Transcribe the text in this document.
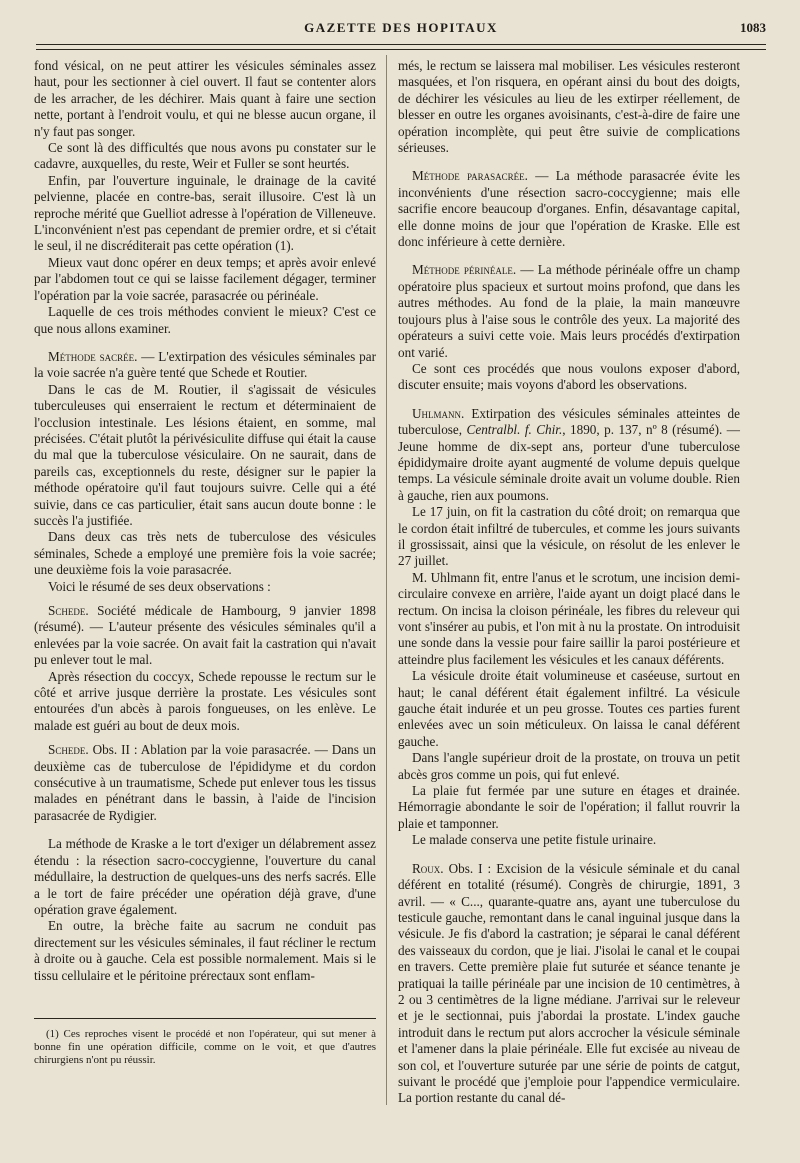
GAZETTE DES HOPITAUX	1083

fond vésical, on ne peut attirer les vésicules séminales assez haut, pour les sectionner à ciel ouvert. Il faut se contenter alors de les arracher, de les déchirer. Mais quant à faire une section nette, portant à l'endroit voulu, et qui ne blesse aucun organe, il n'y faut pas songer.

Ce sont là des difficultés que nous avons pu constater sur le cadavre, auxquelles, du reste, Weir et Fuller se sont heurtés.

Enfin, par l'ouverture inguinale, le drainage de la cavité pelvienne, placée en contre-bas, serait illusoire. C'est là un reproche mérité que Guelliot adresse à l'opération de Villeneuve. L'inconvénient n'est pas cependant de premier ordre, et si c'était le seul, il ne discréditerait pas cette opération (1).

Mieux vaut donc opérer en deux temps; et après avoir enlevé par l'abdomen tout ce qui se laisse facilement dégager, terminer l'opération par la voie sacrée, parasacrée ou périnéale.

Laquelle de ces trois méthodes convient le mieux? C'est ce que nous allons examiner.

Méthode sacrée. — L'extirpation des vésicules séminales par la voie sacrée n'a guère tenté que Schede et Routier.

Dans le cas de M. Routier, il s'agissait de vésicules tuberculeuses qui enserraient le rectum et déterminaient de l'occlusion intestinale. Les lésions étaient, en somme, mal précisées. C'était plutôt la périvésiculite diffuse qui était la cause du mal que la tuberculose vésiculaire. On ne saurait, dans de pareils cas, exceptionnels du reste, désigner sur le papier la méthode opératoire qu'il faut toujours suivre. Celle qui a été suivie, dans ce cas particulier, était sans aucun doute bonne : le succès l'a justifiée.

Dans deux cas très nets de tuberculose des vésicules séminales, Schede a employé une première fois la voie sacrée; une deuxième fois la voie parasacrée.

Voici le résumé de ses deux observations :

Schede. Société médicale de Hambourg, 9 janvier 1898 (résumé). — L'auteur présente des vésicules séminales qu'il a enlevées par la voie sacrée. On avait fait la castration qui n'avait pu enlever tout le mal.

Après résection du coccyx, Schede repousse le rectum sur le côté et arrive jusque derrière la prostate. Les vésicules sont entourées d'un abcès à parois fongueuses, on les enlève. Le malade est guéri au bout de deux mois.

Schede. Obs. II : Ablation par la voie parasacrée. — Dans un deuxième cas de tuberculose de l'épididyme et du cordon consécutive à un traumatisme, Schede put enlever tous les tissus malades en pénétrant dans le bassin, à l'aide de l'incision parasacrée de Rydigier.

La méthode de Kraske a le tort d'exiger un délabrement assez étendu : la résection sacro-coccygienne, l'ouverture du canal médullaire, la destruction de quelques-uns des nerfs sacrés. Elle a le tort de faire précéder une opération déjà grave, d'une opération grave également.

En outre, la brèche faite au sacrum ne conduit pas directement sur les vésicules séminales, il faut récliner le rectum à droite ou à gauche. Cela est possible normalement. Mais si le tissu cellulaire et le péritoine prérectaux sont enflam-

(1) Ces reproches visent le procédé et non l'opérateur, qui sut mener à bonne fin une opération difficile, comme on le voit, et que d'autres chirurgiens n'ont pu réussir.

més, le rectum se laissera mal mobiliser. Les vésicules resteront masquées, et l'on risquera, en opérant ainsi du bout des doigts, de déchirer les vésicules au lieu de les extirper réellement, de blesser en outre les organes avoisinants, c'est-à-dire de faire une opération incomplète, qui peut être suivie de complications sérieuses.

Méthode parasacrée. — La méthode parasacrée évite les inconvénients d'une résection sacro-coccygienne; mais elle sacrifie encore beaucoup d'organes. Enfin, désavantage capital, elle donne moins de jour que l'opération de Kraske. Elle est donc inférieure à cette dernière.

Méthode périnéale. — La méthode périnéale offre un champ opératoire plus spacieux et surtout moins profond, que dans les autres méthodes. Au fond de la plaie, la main manœuvre toujours plus à l'aise sous le contrôle des yeux. La majorité des opérateurs a suivi cette voie. Mais leurs procédés d'extirpation ont varié.

Ce sont ces procédés que nous voulons exposer d'abord, discuter ensuite; mais voyons d'abord les observations.

Uhlmann. Extirpation des vésicules séminales atteintes de tuberculose, Centralbl. f. Chir., 1890, p. 137, nº 8 (résumé). — Jeune homme de dix-sept ans, porteur d'une tuberculose épididymaire droite ayant augmenté de volume depuis quelque temps. La vésicule séminale droite avait un volume double. Rien à gauche, rien aux poumons.

Le 17 juin, on fit la castration du côté droit; on remarqua que le cordon était infiltré de tubercules, et comme les jours suivants il grossissait, ainsi que la vésicule, on résolut de les enlever le 27 juillet.

M. Uhlmann fit, entre l'anus et le scrotum, une incision demi-circulaire convexe en arrière, l'aide ayant un doigt placé dans le rectum. On incisa la cloison périnéale, les fibres du releveur qui vont s'insérer au pubis, et l'on mit à nu la prostate. On introduisit une sonde dans la vessie pour faire saillir la paroi postérieure et atteindre plus facilement les vésicules et les canaux déférents.

La vésicule droite était volumineuse et caséeuse, surtout en haut; le canal déférent était également infiltré. La vésicule gauche était indurée et un peu grosse. Toutes ces parties furent enlevées avec un soin méticuleux. On laissa le canal déférent gauche.

Dans l'angle supérieur droit de la prostate, on trouva un petit abcès gros comme un pois, qui fut enlevé.

La plaie fut fermée par une suture en étages et drainée. Hémorragie abondante le soir de l'opération; il fallut rouvrir la plaie et tamponner.

Le malade conserva une petite fistule urinaire.

Roux. Obs. I : Excision de la vésicule séminale et du canal déférent en totalité (résumé). Congrès de chirurgie, 1891, 3 avril. — « C..., quarante-quatre ans, ayant une tuberculose du testicule gauche, remontant dans le canal inguinal jusque dans la vésicule. Je fis d'abord la castration; je séparai le canal déférent des vaisseaux du cordon, que je liai. J'isolai le canal et le coupai en travers. Cette première plaie fut suturée et séance tenante je pratiquai la taille périnéale par une incision de 10 centimètres, à 2 ou 3 centimètres de la ligne médiane. J'arrivai sur le releveur et je le sectionnai, puis j'abordai la prostate. L'index gauche introduit dans le rectum put alors accrocher la vésicule séminale et l'amener dans la plaie périnéale. Elle fut excisée au niveau de son col, et l'ouverture suturée par une série de points de catgut, suivant le procédé que j'emploie pour l'appendice vermiculaire. La portion restante du canal dé-
